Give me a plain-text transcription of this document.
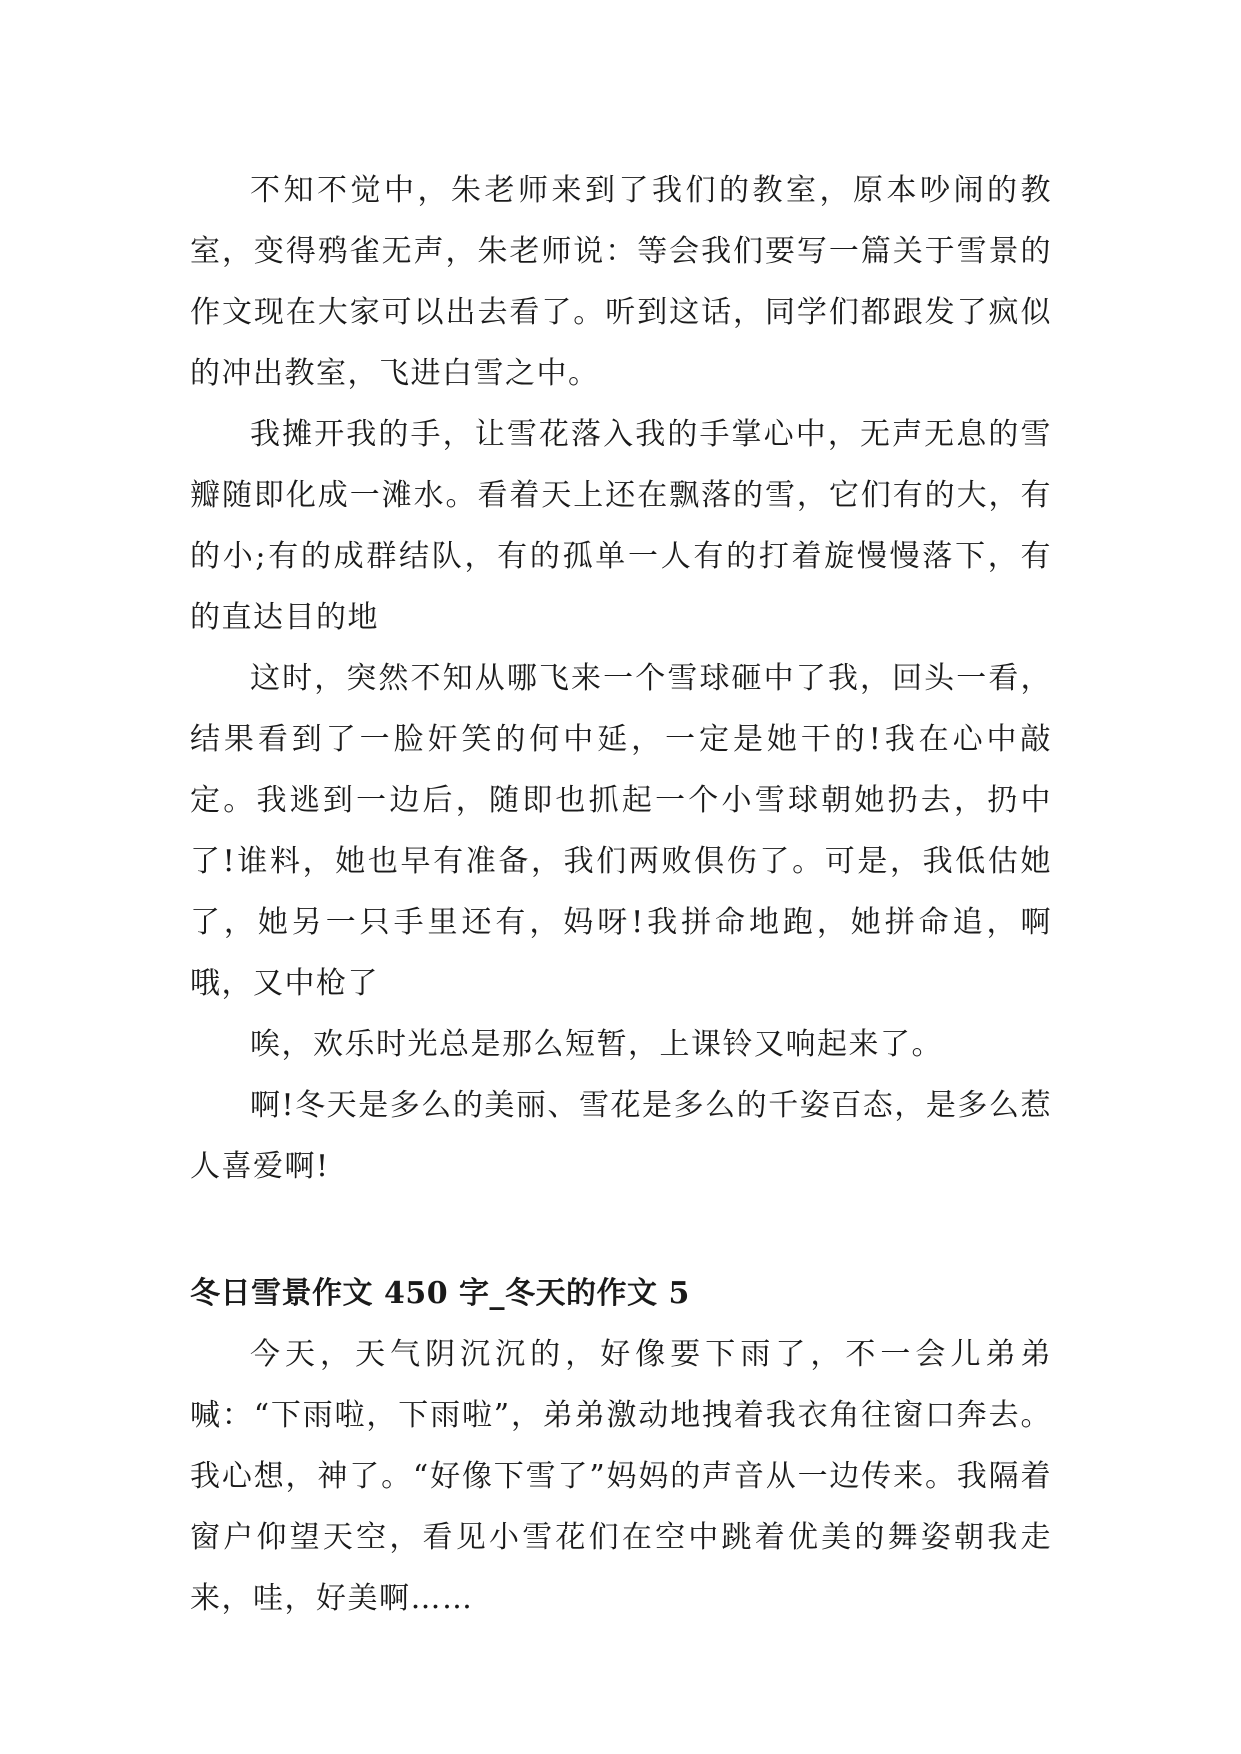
不知不觉中，朱老师来到了我们的教室，原本吵闹的教室，变得鸦雀无声，朱老师说：等会我们要写一篇关于雪景的作文现在大家可以出去看了。听到这话，同学们都跟发了疯似的冲出教室，飞进白雪之中。

我摊开我的手，让雪花落入我的手掌心中，无声无息的雪瓣随即化成一滩水。看着天上还在飘落的雪，它们有的大，有的小;有的成群结队，有的孤单一人有的打着旋慢慢落下，有的直达目的地

这时，突然不知从哪飞来一个雪球砸中了我，回头一看，结果看到了一脸奸笑的何中延，一定是她干的!我在心中敲定。我逃到一边后，随即也抓起一个小雪球朝她扔去，扔中了!谁料，她也早有准备，我们两败俱伤了。可是，我低估她了，她另一只手里还有，妈呀!我拼命地跑，她拼命追，啊哦，又中枪了

唉，欢乐时光总是那么短暂，上课铃又响起来了。

啊!冬天是多么的美丽、雪花是多么的千姿百态，是多么惹人喜爱啊!

冬日雪景作文 450 字_冬天的作文 5

今天，天气阴沉沉的，好像要下雨了，不一会儿弟弟喊：“下雨啦，下雨啦”，弟弟激动地拽着我衣角往窗口奔去。我心想，神了。“好像下雪了”妈妈的声音从一边传来。我隔着窗户仰望天空，看见小雪花们在空中跳着优美的舞姿朝我走来，哇，好美啊……
